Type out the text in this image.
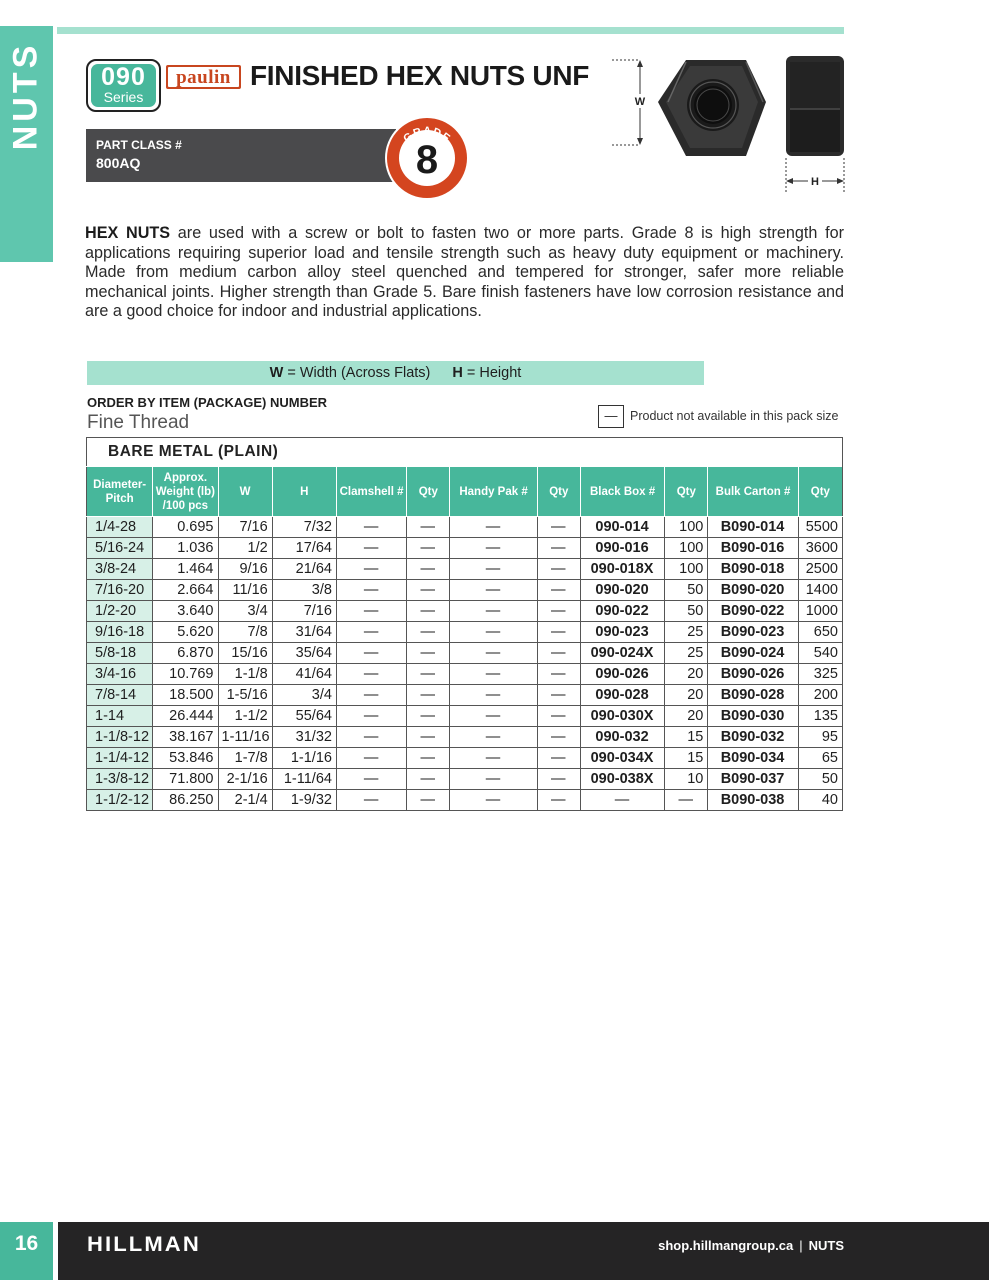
NUTS	090
Series
paulin FINISHED HEX NUTS UNF
PART CLASS #
800AQ
GRADE
8
W
H
HEX NUTS are used with a screw or bolt to fasten two or more parts. Grade 8 is high strength for applications requiring superior load and tensile strength such as heavy duty equipment or machinery. Made from medium carbon alloy steel quenched and tempered for stronger, safer more reliable mechanical joints. Higher strength than Grade 5. Bare finish fasteners have low corrosion resistance and are a good choice for indoor and industrial applications.
W = Width (Across Flats) H = Height
ORDER BY ITEM (PACKAGE) NUMBER
Fine Thread	—	Product not available in this pack size
BARE METAL (PLAIN)
Diameter-Pitch	Approx. Weight (lb) /100 pcs	W	H	Clamshell #	Qty	Handy Pak #	Qty	Black Box #	Qty	Bulk Carton #	Qty
1/4-28	0.695	7/16	7/32	—	—	—	—	090-014	100	B090-014	5500
5/16-24	1.036	1/2	17/64	—	—	—	—	090-016	100	B090-016	3600
3/8-24	1.464	9/16	21/64	—	—	—	—	090-018X	100	B090-018	2500
7/16-20	2.664	11/16	3/8	—	—	—	—	090-020	50	B090-020	1400
1/2-20	3.640	3/4	7/16	—	—	—	—	090-022	50	B090-022	1000
9/16-18	5.620	7/8	31/64	—	—	—	—	090-023	25	B090-023	650
5/8-18	6.870	15/16	35/64	—	—	—	—	090-024X	25	B090-024	540
3/4-16	10.769	1-1/8	41/64	—	—	—	—	090-026	20	B090-026	325
7/8-14	18.500	1-5/16	3/4	—	—	—	—	090-028	20	B090-028	200
1-14	26.444	1-1/2	55/64	—	—	—	—	090-030X	20	B090-030	135
1-1/8-12	38.167	1-11/16	31/32	—	—	—	—	090-032	15	B090-032	95
1-1/4-12	53.846	1-7/8	1-1/16	—	—	—	—	090-034X	15	B090-034	65
1-3/8-12	71.800	2-1/16	1-11/64	—	—	—	—	090-038X	10	B090-037	50
1-1/2-12	86.250	2-1/4	1-9/32	—	—	—	—	—	—	B090-038	40
16	HILLMAN	shop.hillmangroup.ca | NUTS
